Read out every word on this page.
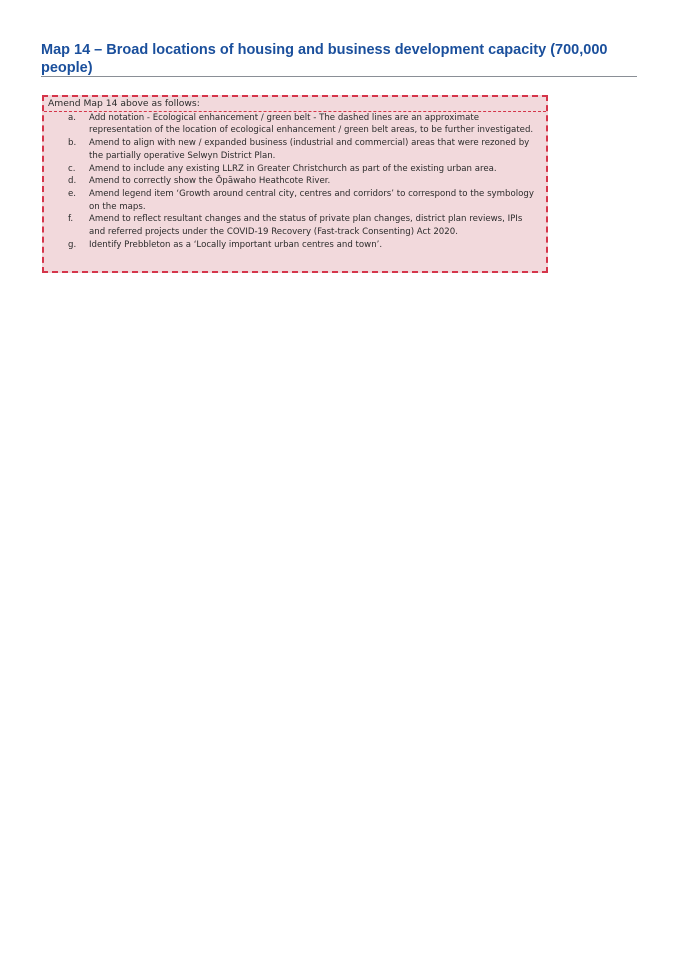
Map 14 – Broad locations of housing and business development capacity (700,000 people)

Amend Map 14 above as follows:

a. Add notation - Ecological enhancement / green belt - The dashed lines are an approximate representation of the location of ecological enhancement / green belt areas, to be further investigated.
b. Amend to align with new / expanded business (industrial and commercial) areas that were rezoned by the partially operative Selwyn District Plan.
c. Amend to include any existing LLRZ in Greater Christchurch as part of the existing urban area.
d. Amend to correctly show the Ōpāwaho Heathcote River.
e. Amend legend item ‘Growth around central city, centres and corridors’ to correspond to the symbology on the maps.
f. Amend to reflect resultant changes and the status of private plan changes, district plan reviews, IPIs and referred projects under the COVID-19 Recovery (Fast-track Consenting) Act 2020.
g. Identify Prebbleton as a ‘Locally important urban centres and town’.
